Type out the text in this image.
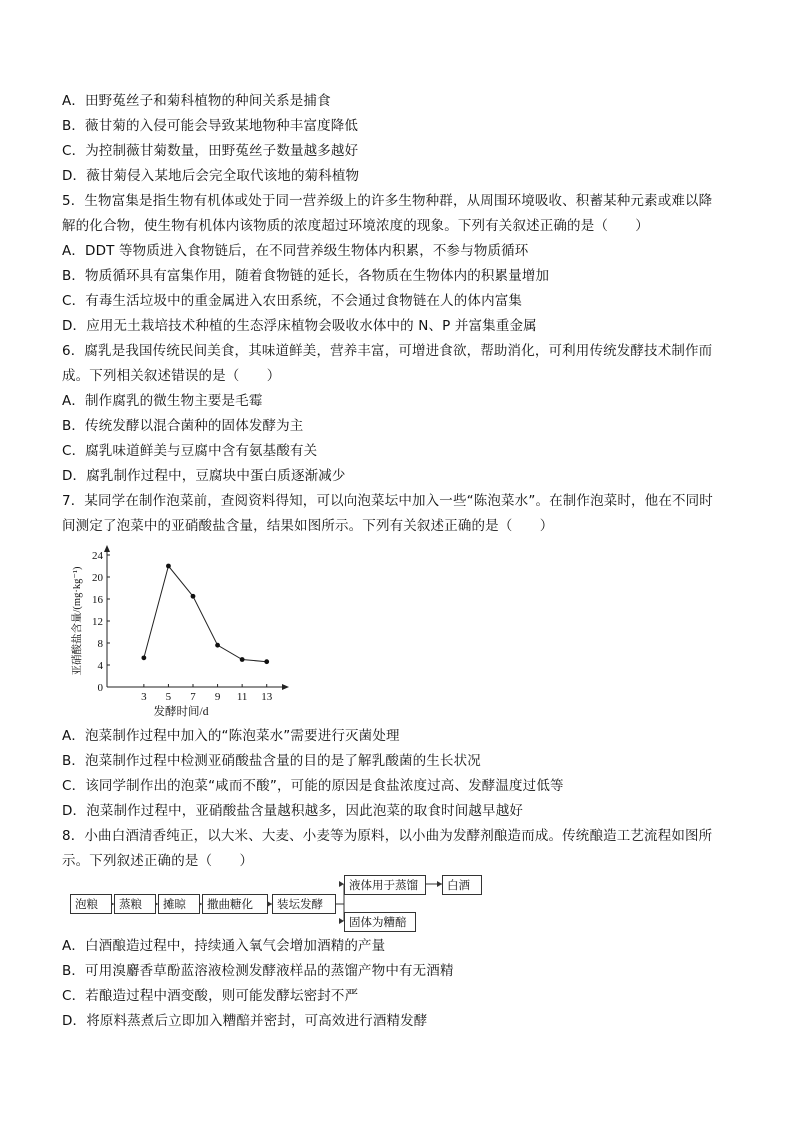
A．田野菟丝子和菊科植物的种间关系是捕食
B．薇甘菊的入侵可能会导致某地物种丰富度降低
C．为控制薇甘菊数量，田野菟丝子数量越多越好
D．薇甘菊侵入某地后会完全取代该地的菊科植物
5．生物富集是指生物有机体或处于同一营养级上的许多生物种群，从周围环境吸收、积蓄某种元素或难以降
解的化合物，使生物有机体内该物质的浓度超过环境浓度的现象。下列有关叙述正确的是（　　）
A．DDT 等物质进入食物链后，在不同营养级生物体内积累，不参与物质循环
B．物质循环具有富集作用，随着食物链的延长，各物质在生物体内的积累量增加
C．有毒生活垃圾中的重金属进入农田系统，不会通过食物链在人的体内富集
D．应用无土栽培技术种植的生态浮床植物会吸收水体中的 N、P 并富集重金属
6．腐乳是我国传统民间美食，其味道鲜美，营养丰富，可增进食欲，帮助消化，可利用传统发酵技术制作而
成。下列相关叙述错误的是（　　）
A．制作腐乳的微生物主要是毛霉
B．传统发酵以混合菌种的固体发酵为主
C．腐乳味道鲜美与豆腐中含有氨基酸有关
D．腐乳制作过程中，豆腐块中蛋白质逐渐减少
7．某同学在制作泡菜前，查阅资料得知，可以向泡菜坛中加入一些“陈泡菜水”。在制作泡菜时，他在不同时
间测定了泡菜中的亚硝酸盐含量，结果如图所示。下列有关叙述正确的是（　　）
A．泡菜制作过程中加入的“陈泡菜水”需要进行灭菌处理
B．泡菜制作过程中检测亚硝酸盐含量的目的是了解乳酸菌的生长状况
C．该同学制作出的泡菜“咸而不酸”，可能的原因是食盐浓度过高、发酵温度过低等
D．泡菜制作过程中，亚硝酸盐含量越积越多，因此泡菜的取食时间越早越好
8．小曲白酒清香纯正，以大米、大麦、小麦等为原料，以小曲为发酵剂酿造而成。传统酿造工艺流程如图所
示。下列叙述正确的是（　　）
A．白酒酿造过程中，持续通入氧气会增加酒精的产量
B．可用溴麝香草酚蓝溶液检测发酵液样品的蒸馏产物中有无酒精
C．若酿造过程中酒变酸，则可能发酵坛密封不严
D．将原料蒸煮后立即加入糟醅并密封，可高效进行酒精发酵
0
4
8
12
16
20
24
3 5 7 9 11 13
发酵时间/d
亚硝酸盐含量/(mg·kg⁻¹)
泡粮	蒸粮	摊晾	撒曲糖化	装坛发酵
液体用于蒸馏
固体为糟醅
白酒
